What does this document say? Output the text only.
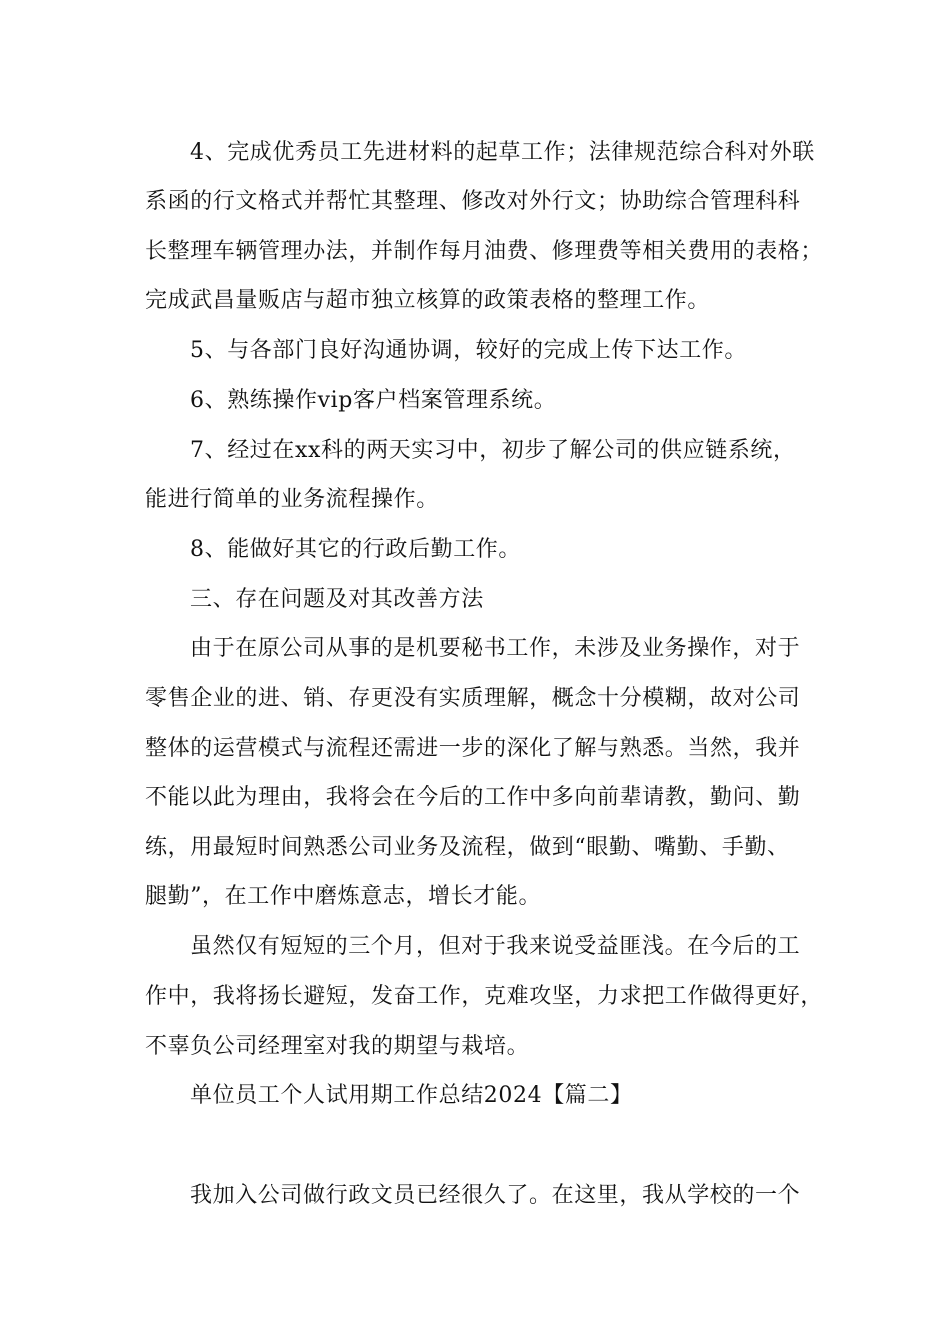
4、完成优秀员工先进材料的起草工作；法律规范综合科对外联
系函的行文格式并帮忙其整理、修改对外行文；协助综合管理科科
长整理车辆管理办法，并制作每月油费、修理费等相关费用的表格；
完成武昌量贩店与超市独立核算的政策表格的整理工作。
5、与各部门良好沟通协调，较好的完成上传下达工作。
6、熟练操作vip客户档案管理系统。
7、经过在xx科的两天实习中，初步了解公司的供应链系统，
能进行简单的业务流程操作。
8、能做好其它的行政后勤工作。
三、存在问题及对其改善方法
由于在原公司从事的是机要秘书工作，未涉及业务操作，对于
零售企业的进、销、存更没有实质理解，概念十分模糊，故对公司
整体的运营模式与流程还需进一步的深化了解与熟悉。当然，我并
不能以此为理由，我将会在今后的工作中多向前辈请教，勤问、勤
练，用最短时间熟悉公司业务及流程，做到“眼勤、嘴勤、手勤、
腿勤”，在工作中磨炼意志，增长才能。
虽然仅有短短的三个月，但对于我来说受益匪浅。在今后的工
作中，我将扬长避短，发奋工作，克难攻坚，力求把工作做得更好，
不辜负公司经理室对我的期望与栽培。
单位员工个人试用期工作总结2024【篇二】
我加入公司做行政文员已经很久了。在这里，我从学校的一个
